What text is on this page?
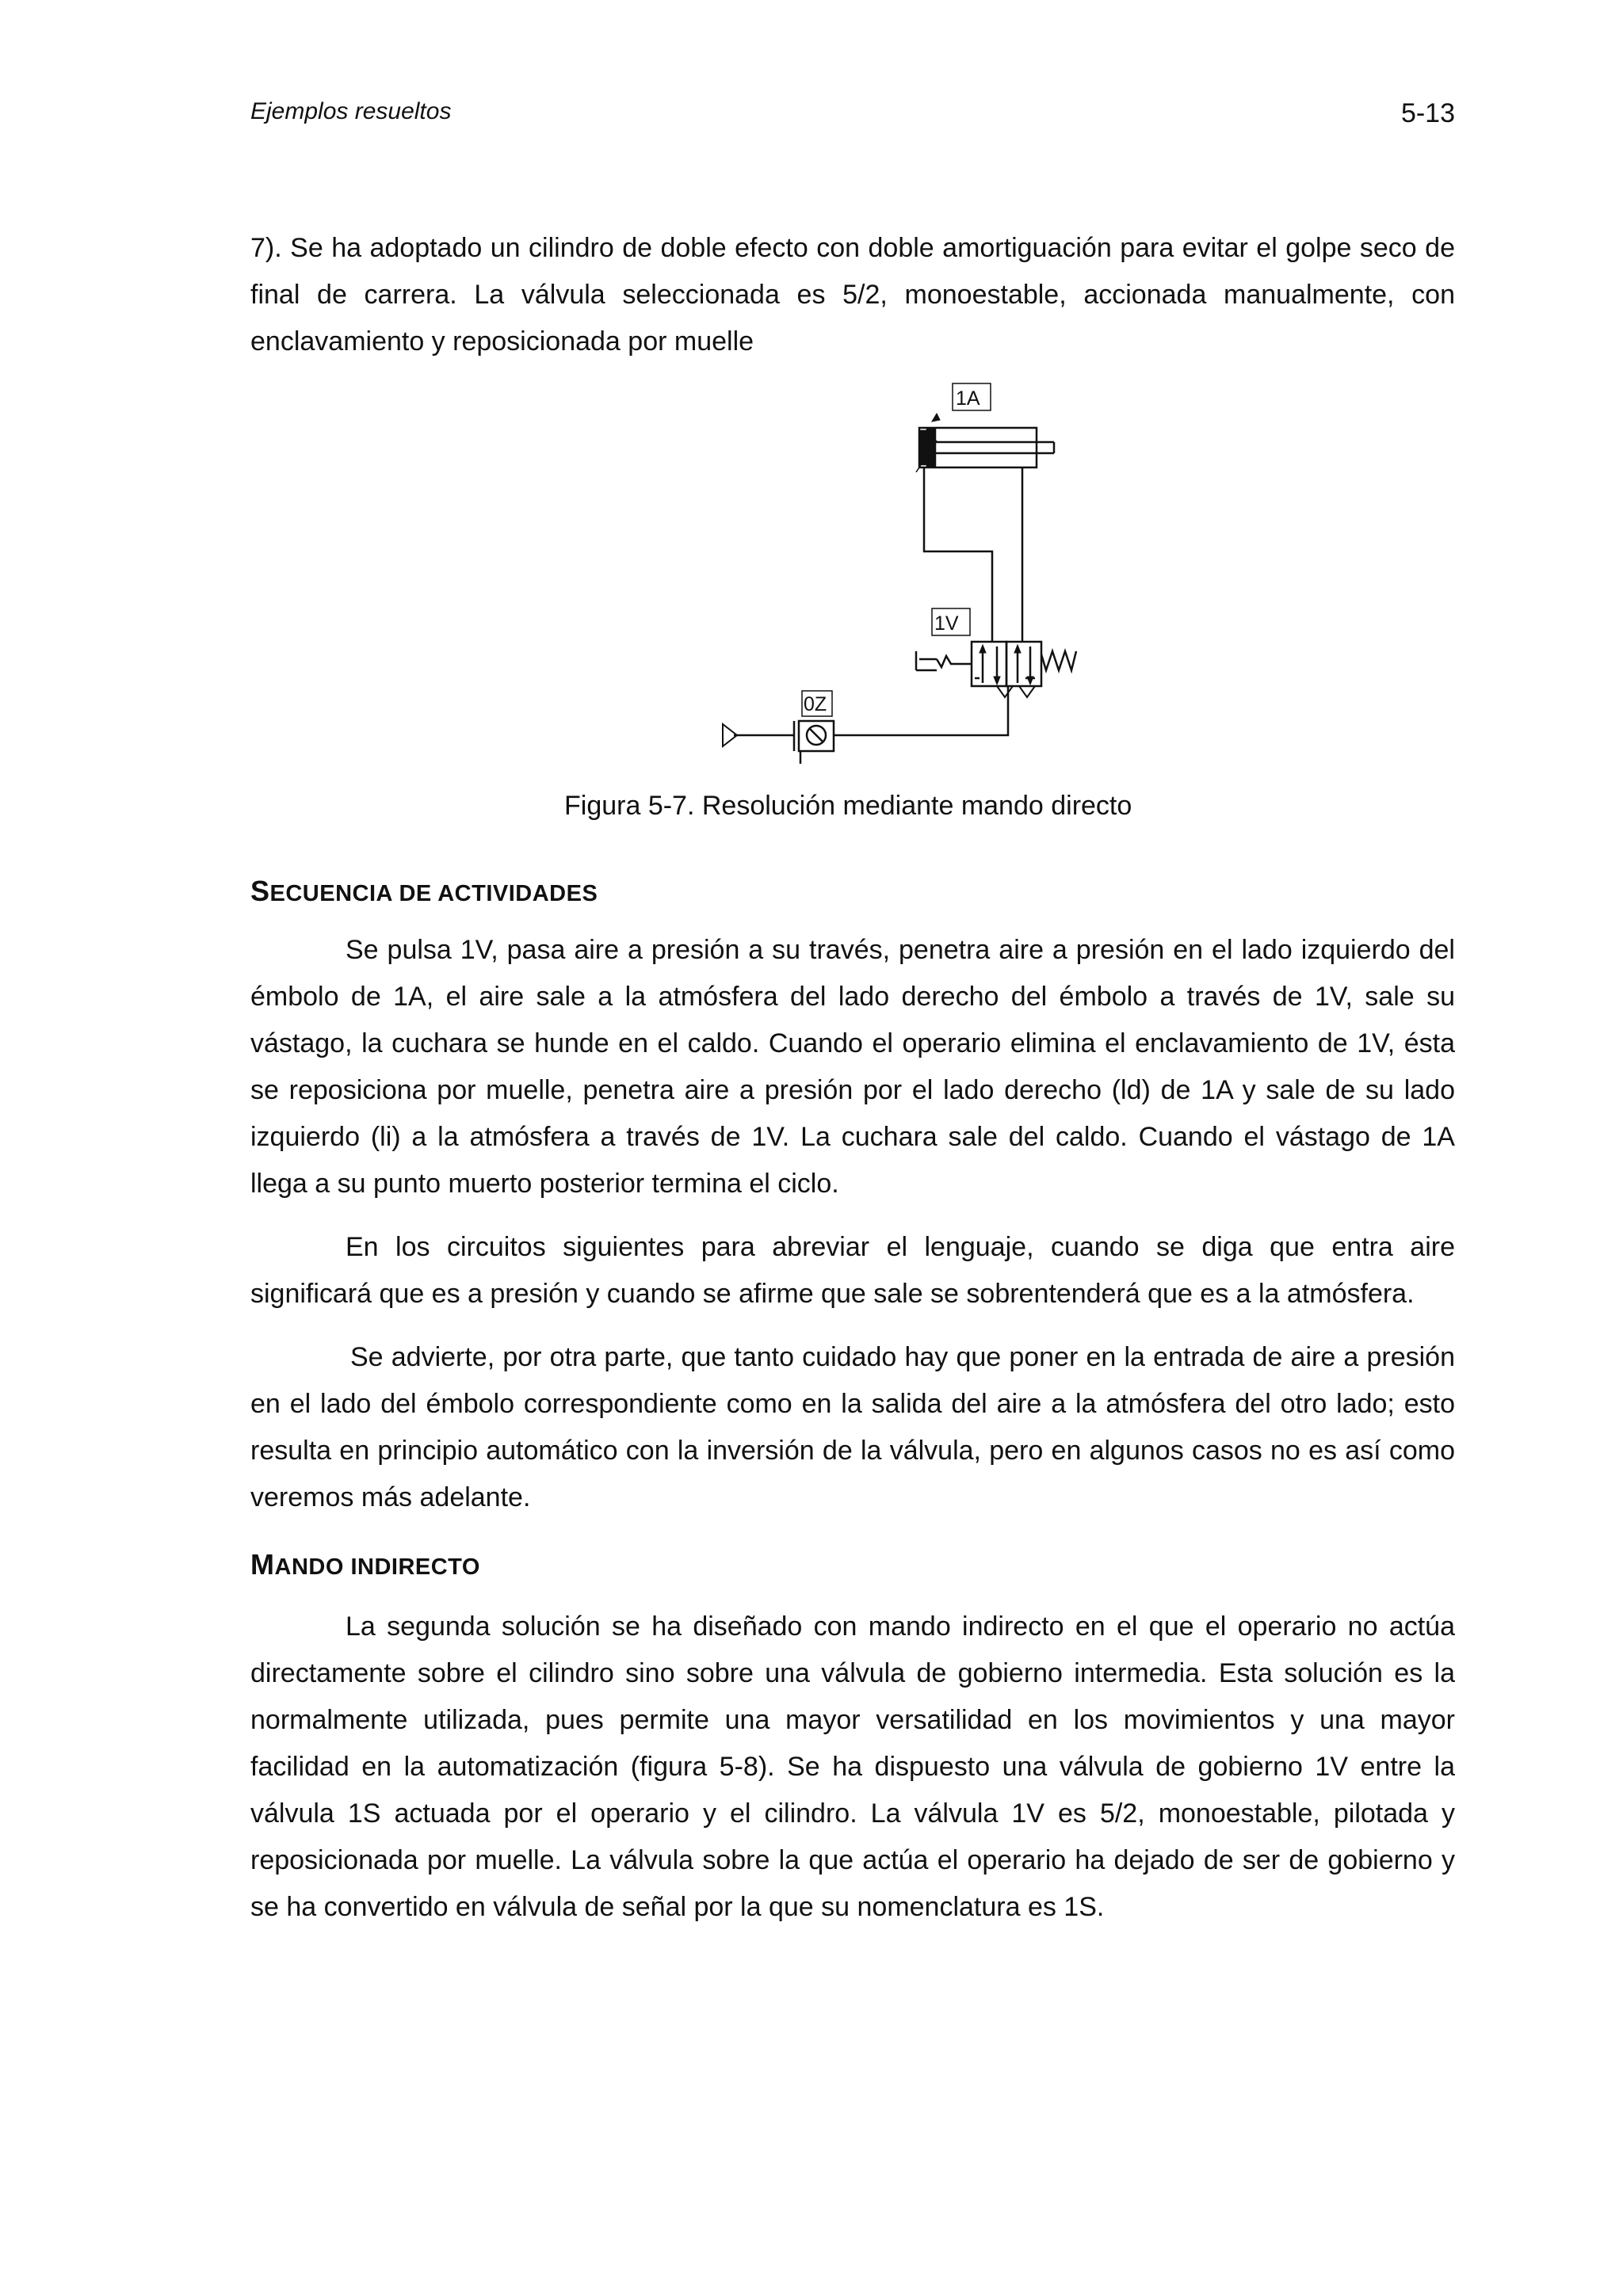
Ejemplos resueltos	5-13

7). Se ha adoptado un cilindro de doble efecto con doble amortiguación para evitar el golpe seco de final de carrera. La válvula seleccionada es 5/2, monoestable, accionada manualmente, con enclavamiento y reposicionada por muelle

1A
1V
0Z
Figura 5-7. Resolución mediante mando directo
SECUENCIA DE ACTIVIDADES

Se pulsa 1V, pasa aire a presión a su través, penetra aire a presión en el lado izquierdo del émbolo de 1A, el aire sale a la atmósfera del lado derecho del émbolo a través de 1V, sale su vástago, la cuchara se hunde en el caldo. Cuando el operario elimina el enclavamiento de 1V, ésta se reposiciona por muelle, penetra aire a presión por el lado derecho (ld) de 1A y sale de su lado izquierdo (li) a la atmósfera a través de 1V. La cuchara sale del caldo. Cuando el vástago de 1A llega a su punto muerto posterior termina el ciclo.

En los circuitos siguientes para abreviar el lenguaje, cuando se diga que entra aire significará que es a presión y cuando se afirme que sale se sobrentenderá que es a la atmósfera.

Se advierte, por otra parte, que tanto cuidado hay que poner en la entrada de aire a presión en el lado del émbolo correspondiente como en la salida del aire a la atmósfera del otro lado; esto resulta en principio automático con la inversión de la válvula, pero en algunos casos no es así como veremos más adelante.

MANDO INDIRECTO

La segunda solución se ha diseñado con mando indirecto en el que el operario no actúa directamente sobre el cilindro sino sobre una válvula de gobierno intermedia. Esta solución es la normalmente utilizada, pues permite una mayor versatilidad en los movimientos y una mayor facilidad en la automatización (figura 5-8). Se ha dispuesto una válvula de gobierno 1V entre la válvula 1S actuada por el operario y el cilindro. La válvula 1V es 5/2, monoestable, pilotada y reposicionada por muelle. La válvula sobre la que actúa el operario ha dejado de ser de gobierno y se ha convertido en válvula de señal por la que su nomenclatura es 1S.
